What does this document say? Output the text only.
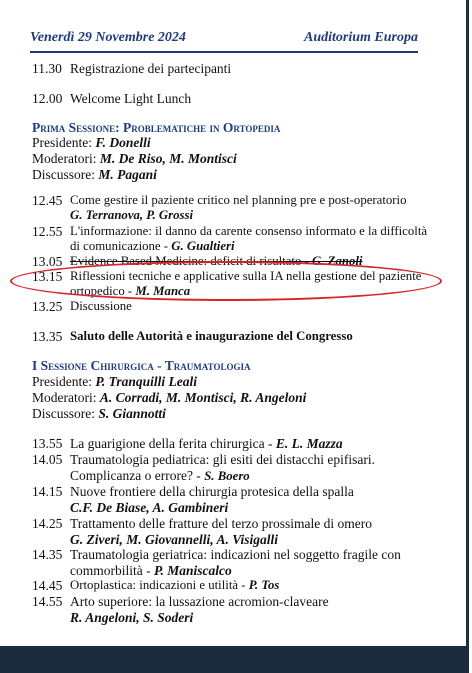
Venerdì 29 Novembre 2024	Auditorium Europa
11.30 Registrazione dei partecipanti
12.00 Welcome Light Lunch
Prima Sessione: Problematiche in Ortopedia
Presidente: F. Donelli
Moderatori: M. De Riso, M. Montisci
Discussore: M. Pagani
12.45 Come gestire il paziente critico nel planning pre e post-operatorio
G. Terranova, P. Grossi
12.55 L'informazione: il danno da carente consenso informato e la difficoltà
di comunicazione - G. Gualtieri
13.05 Evidence Based Medicine: deficit di risultato - G. Zanoli
13.15 Riflessioni tecniche e applicative sulla IA nella gestione del paziente
ortopedico - M. Manca
13.25 Discussione
13.35 Saluto delle Autorità e inaugurazione del Congresso
I Sessione Chirurgica - Traumatologia
Presidente: P. Tranquilli Leali
Moderatori: A. Corradi, M. Montisci, R. Angeloni
Discussore: S. Giannotti
13.55 La guarigione della ferita chirurgica - E. L. Mazza
14.05 Traumatologia pediatrica: gli esiti dei distacchi epifisari.
Complicanza o errore? - S. Boero
14.15 Nuove frontiere della chirurgia protesica della spalla
C.F. De Biase, A. Gambineri
14.25 Trattamento delle fratture del terzo prossimale di omero
G. Ziveri, M. Giovannelli, A. Visigalli
14.35 Traumatologia geriatrica: indicazioni nel soggetto fragile con
commorbilità - P. Maniscalco
14.45 Ortoplastica: indicazioni e utilità - P. Tos
14.55 Arto superiore: la lussazione acromion-claveare
R. Angeloni, S. Soderi
